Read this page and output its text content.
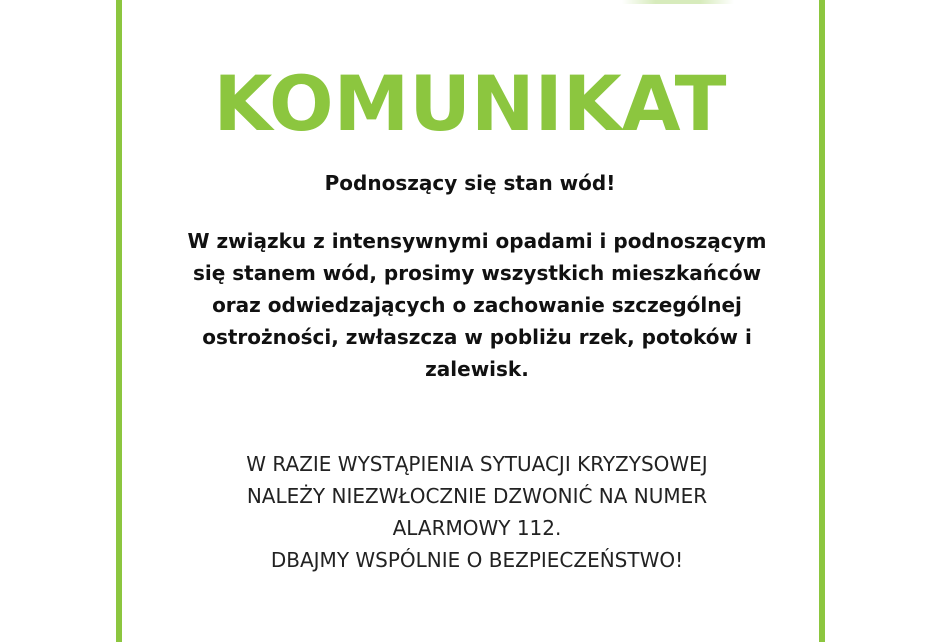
KOMUNIKAT
Podnoszący się stan wód!
W związku z intensywnymi opadami i podnoszącym
się stanem wód, prosimy wszystkich mieszkańców
oraz odwiedzających o zachowanie szczególnej
ostrożności, zwłaszcza w pobliżu rzek, potoków i
zalewisk.
W RAZIE WYSTĄPIENIA SYTUACJI KRYZYSOWEJ
NALEŻY NIEZWŁOCZNIE DZWONIĆ NA NUMER
ALARMOWY 112.
DBAJMY WSPÓLNIE O BEZPIECZEŃSTWO!
